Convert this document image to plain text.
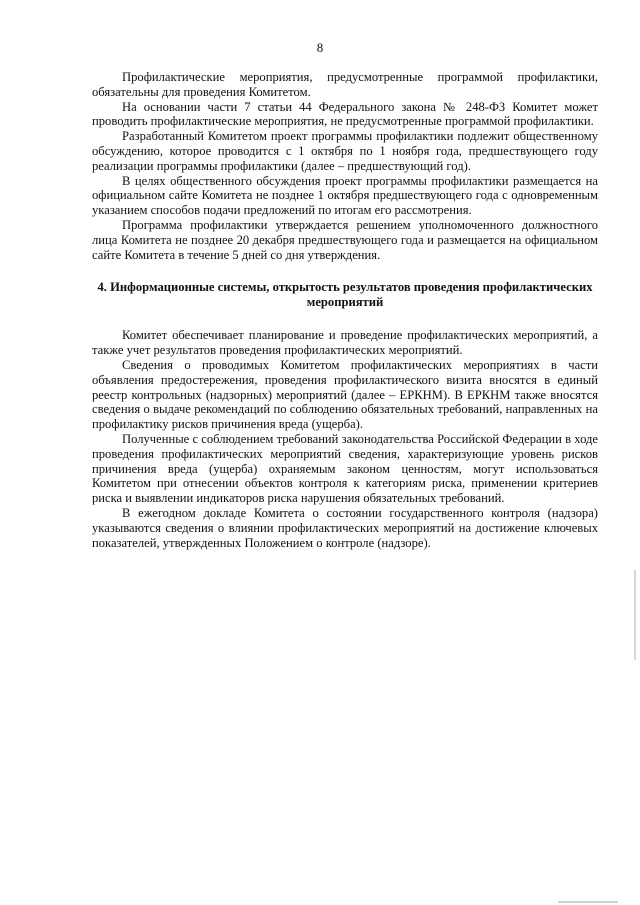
8

Профилактические мероприятия, предусмотренные программой профилактики, обязательны для проведения Комитетом.

На основании части 7 статьи 44 Федерального закона № 248-ФЗ Комитет может проводить профилактические мероприятия, не предусмотренные программой профилактики.

Разработанный Комитетом проект программы профилактики подлежит общественному обсуждению, которое проводится с 1 октября по 1 ноября года, предшествующего году реализации программы профилактики (далее – предшествующий год).

В целях общественного обсуждения проект программы профилактики размещается на официальном сайте Комитета не позднее 1 октября предшествующего года с одновременным указанием способов подачи предложений по итогам его рассмотрения.

Программа профилактики утверждается решением уполномоченного должностного лица Комитета не позднее 20 декабря предшествующего года и размещается на официальном сайте Комитета в течение 5 дней со дня утверждения.

4. Информационные системы, открытость результатов проведения профилактических мероприятий

Комитет обеспечивает планирование и проведение профилактических мероприятий, а также учет результатов проведения профилактических мероприятий.

Сведения о проводимых Комитетом профилактических мероприятиях в части объявления предостережения, проведения профилактического визита вносятся в единый реестр контрольных (надзорных) мероприятий (далее – ЕРКНМ). В ЕРКНМ также вносятся сведения о выдаче рекомендаций по соблюдению обязательных требований, направленных на профилактику рисков причинения вреда (ущерба).

Полученные с соблюдением требований законодательства Российской Федерации в ходе проведения профилактических мероприятий сведения, характеризующие уровень рисков причинения вреда (ущерба) охраняемым законом ценностям, могут использоваться Комитетом при отнесении объектов контроля к категориям риска, применении критериев риска и выявлении индикаторов риска нарушения обязательных требований.

В ежегодном докладе Комитета о состоянии государственного контроля (надзора) указываются сведения о влиянии профилактических мероприятий на достижение ключевых показателей, утвержденных Положением о контроле (надзоре).
